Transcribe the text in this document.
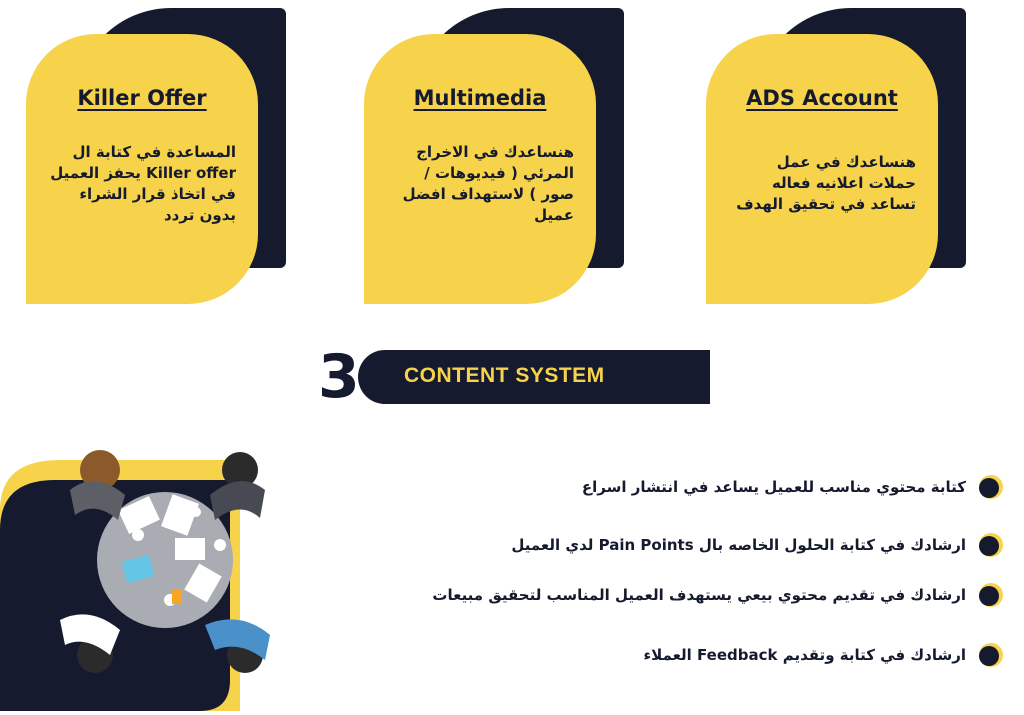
Killer Offer
المساعدة في كتابة ال Killer offer يحفز العميل في اتخاذ قرار الشراء بدون تردد
Multimedia
هنساعدك في الاخراج المرئي ( فيديوهات / صور ) لاستهداف افضل عميل
ADS Account
هنساعدك في عمل حملات اعلانيه فعاله تساعد في تحقيق الهدف
CONTENT SYSTEM
3
كتابة محتوي مناسب للعميل يساعد في انتشار اسراع
ارشادك في كتابة الحلول الخاصه بال Pain Points لدي العميل
ارشادك في تقديم محتوي بيعي يستهدف العميل المناسب لتحقيق مبيعات
ارشادك في كتابة وتقديم Feedback العملاء
